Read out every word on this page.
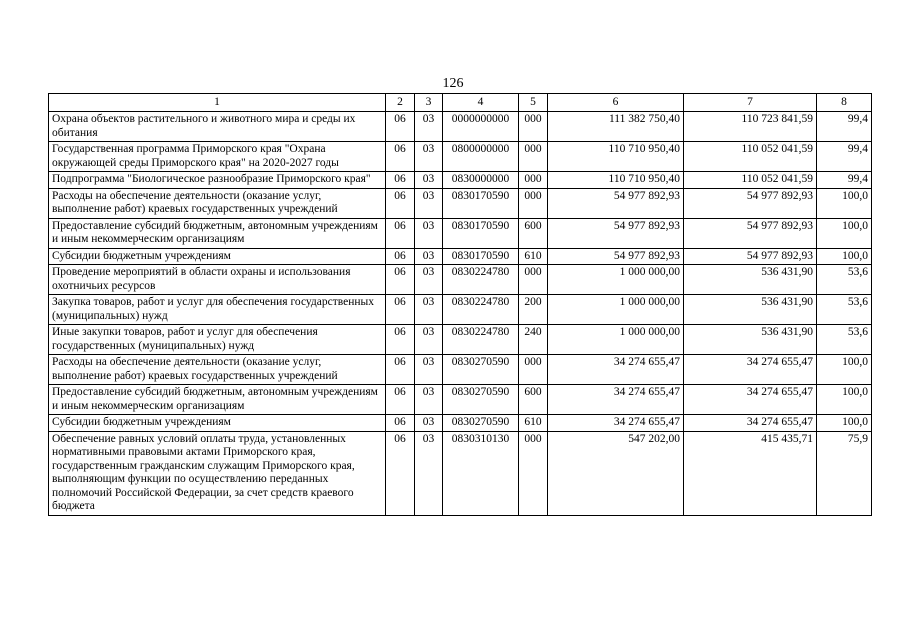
126
1	2	3	4	5	6	7	8
Охрана объектов растительного и животного мира и среды их обитания	06	03	0000000000	000	111 382 750,40	110 723 841,59	99,4
Государственная программа Приморского края "Охрана окружающей среды Приморского края" на 2020-2027 годы	06	03	0800000000	000	110 710 950,40	110 052 041,59	99,4
Подпрограмма "Биологическое разнообразие Приморского края"	06	03	0830000000	000	110 710 950,40	110 052 041,59	99,4
Расходы на обеспечение деятельности (оказание услуг, выполнение работ) краевых государственных учреждений	06	03	0830170590	000	54 977 892,93	54 977 892,93	100,0
Предоставление субсидий бюджетным, автономным учреждениям и иным некоммерческим организациям	06	03	0830170590	600	54 977 892,93	54 977 892,93	100,0
Субсидии бюджетным учреждениям	06	03	0830170590	610	54 977 892,93	54 977 892,93	100,0
Проведение мероприятий в области охраны и использования охотничьих ресурсов	06	03	0830224780	000	1 000 000,00	536 431,90	53,6
Закупка товаров, работ и услуг для обеспечения государственных (муниципальных) нужд	06	03	0830224780	200	1 000 000,00	536 431,90	53,6
Иные закупки товаров, работ и услуг для обеспечения государственных (муниципальных) нужд	06	03	0830224780	240	1 000 000,00	536 431,90	53,6
Расходы на обеспечение деятельности (оказание услуг, выполнение работ) краевых государственных учреждений	06	03	0830270590	000	34 274 655,47	34 274 655,47	100,0
Предоставление субсидий бюджетным, автономным учреждениям и иным некоммерческим организациям	06	03	0830270590	600	34 274 655,47	34 274 655,47	100,0
Субсидии бюджетным учреждениям	06	03	0830270590	610	34 274 655,47	34 274 655,47	100,0
Обеспечение равных условий оплаты труда, установленных нормативными правовыми актами Приморского края, государственным гражданским служащим Приморского края, выполняющим функции по осуществлению переданных полномочий Российской Федерации, за счет средств краевого бюджета	06	03	0830310130	000	547 202,00	415 435,71	75,9
